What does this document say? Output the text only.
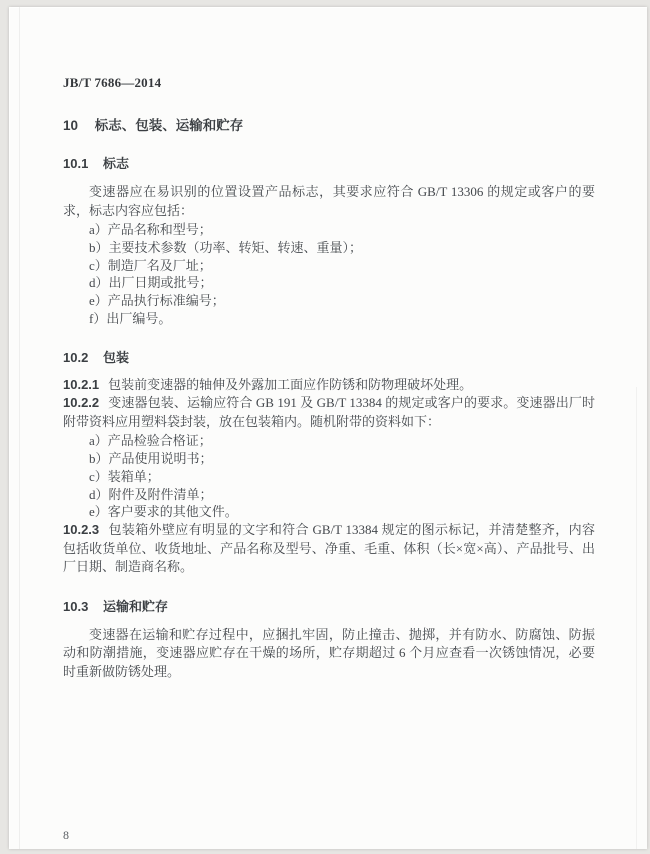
JB/T 7686—2014
10 标志、包装、运输和贮存
10.1 标志

变速器应在易识别的位置设置产品标志，其要求应符合 GB/T 13306 的规定或客户的要求，标志内容应包括：

a）产品名称和型号；
b）主要技术参数（功率、转矩、转速、重量）；
c）制造厂名及厂址；
d）出厂日期或批号；
e）产品执行标准编号；
f）出厂编号。
10.2 包装

10.2.1 包装前变速器的轴伸及外露加工面应作防锈和防物理破坏处理。

10.2.2 变速器包装、运输应符合 GB 191 及 GB/T 13384 的规定或客户的要求。变速器出厂时附带资料应用塑料袋封装，放在包装箱内。随机附带的资料如下：

a）产品检验合格证；
b）产品使用说明书；
c）装箱单；
d）附件及附件清单；
e）客户要求的其他文件。

10.2.3 包装箱外壁应有明显的文字和符合 GB/T 13384 规定的图示标记，并清楚整齐，内容包括收货单位、收货地址、产品名称及型号、净重、毛重、体积（长×宽×高）、产品批号、出厂日期、制造商名称。

10.3 运输和贮存

变速器在运输和贮存过程中，应捆扎牢固，防止撞击、抛掷，并有防水、防腐蚀、防振动和防潮措施，变速器应贮存在干燥的场所，贮存期超过 6 个月应查看一次锈蚀情况，必要时重新做防锈处理。

8
